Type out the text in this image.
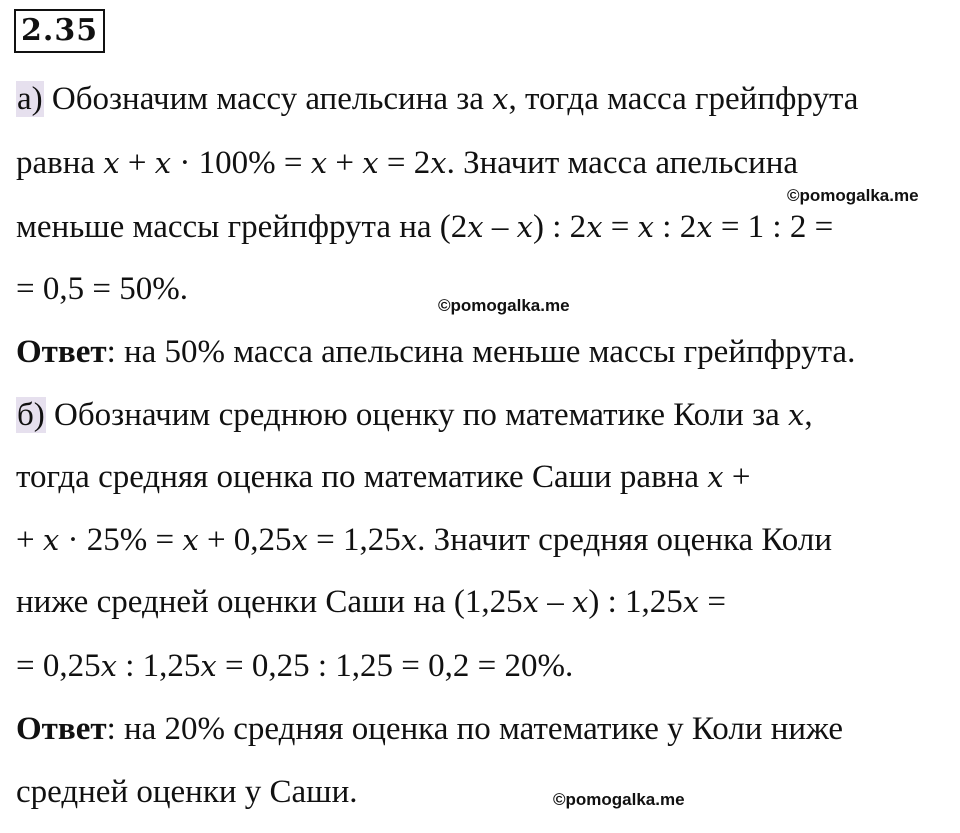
2.35
а) Обозначим массу апельсина за x, тогда масса грейпфрута
равна x + x · 100% = x + x = 2x. Значит масса апельсина
©pomogalka.me
меньше массы грейпфрута на (2x – x) : 2x = x : 2x = 1 : 2 =
= 0,5 = 50%.	©pomogalka.me
Ответ: на 50% масса апельсина меньше массы грейпфрута.
б) Обозначим среднюю оценку по математике Коли за x,
тогда средняя оценка по математике Саши равна x +
+ x · 25% = x + 0,25x = 1,25x. Значит средняя оценка Коли
ниже средней оценки Саши на (1,25x – x) : 1,25x =
= 0,25x : 1,25x = 0,25 : 1,25 = 0,2 = 20%.
Ответ: на 20% средняя оценка по математике у Коли ниже
средней оценки у Саши.	©pomogalka.me
